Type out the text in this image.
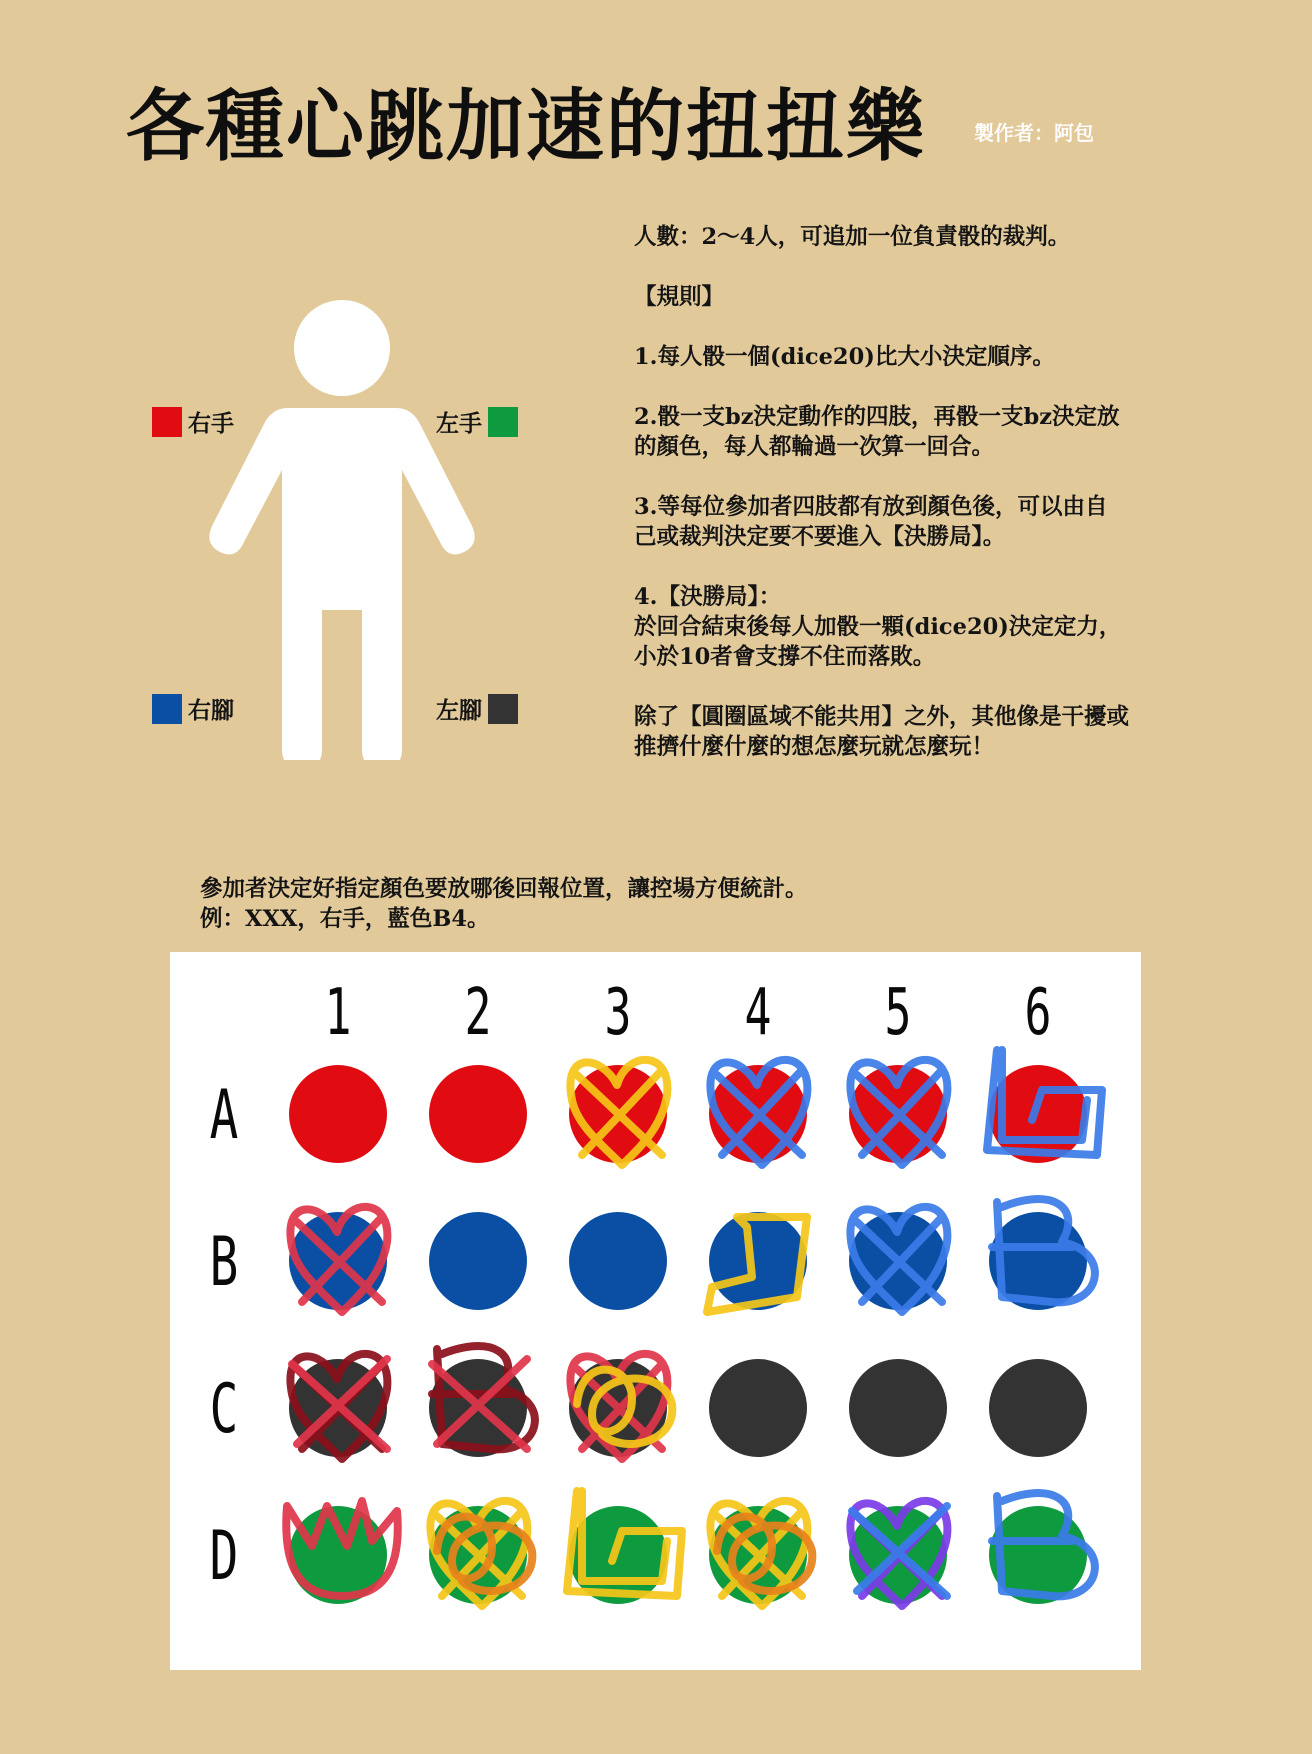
各種心跳加速的扭扭樂 製作者：阿包
右手	左手
右腳	左腳

人數：2～4人，可追加一位負責骰的裁判。

【規則】

1.每人骰一個(dice20)比大小決定順序。

2.骰一支bz決定動作的四肢，再骰一支bz決定放
的顏色，每人都輪過一次算一回合。

3.等每位參加者四肢都有放到顏色後，可以由自
己或裁判決定要不要進入【決勝局】。

4.【決勝局】：
於回合結束後每人加骰一顆(dice20)決定定力，
小於10者會支撐不住而落敗。

除了【圓圈區域不能共用】之外，其他像是干擾或
推擠什麼什麼的想怎麼玩就怎麼玩！

參加者決定好指定顏色要放哪後回報位置，讓控場方便統計。
例：XXX，右手，藍色B4。
1 2 3 4 5 6
A
B
C
D
